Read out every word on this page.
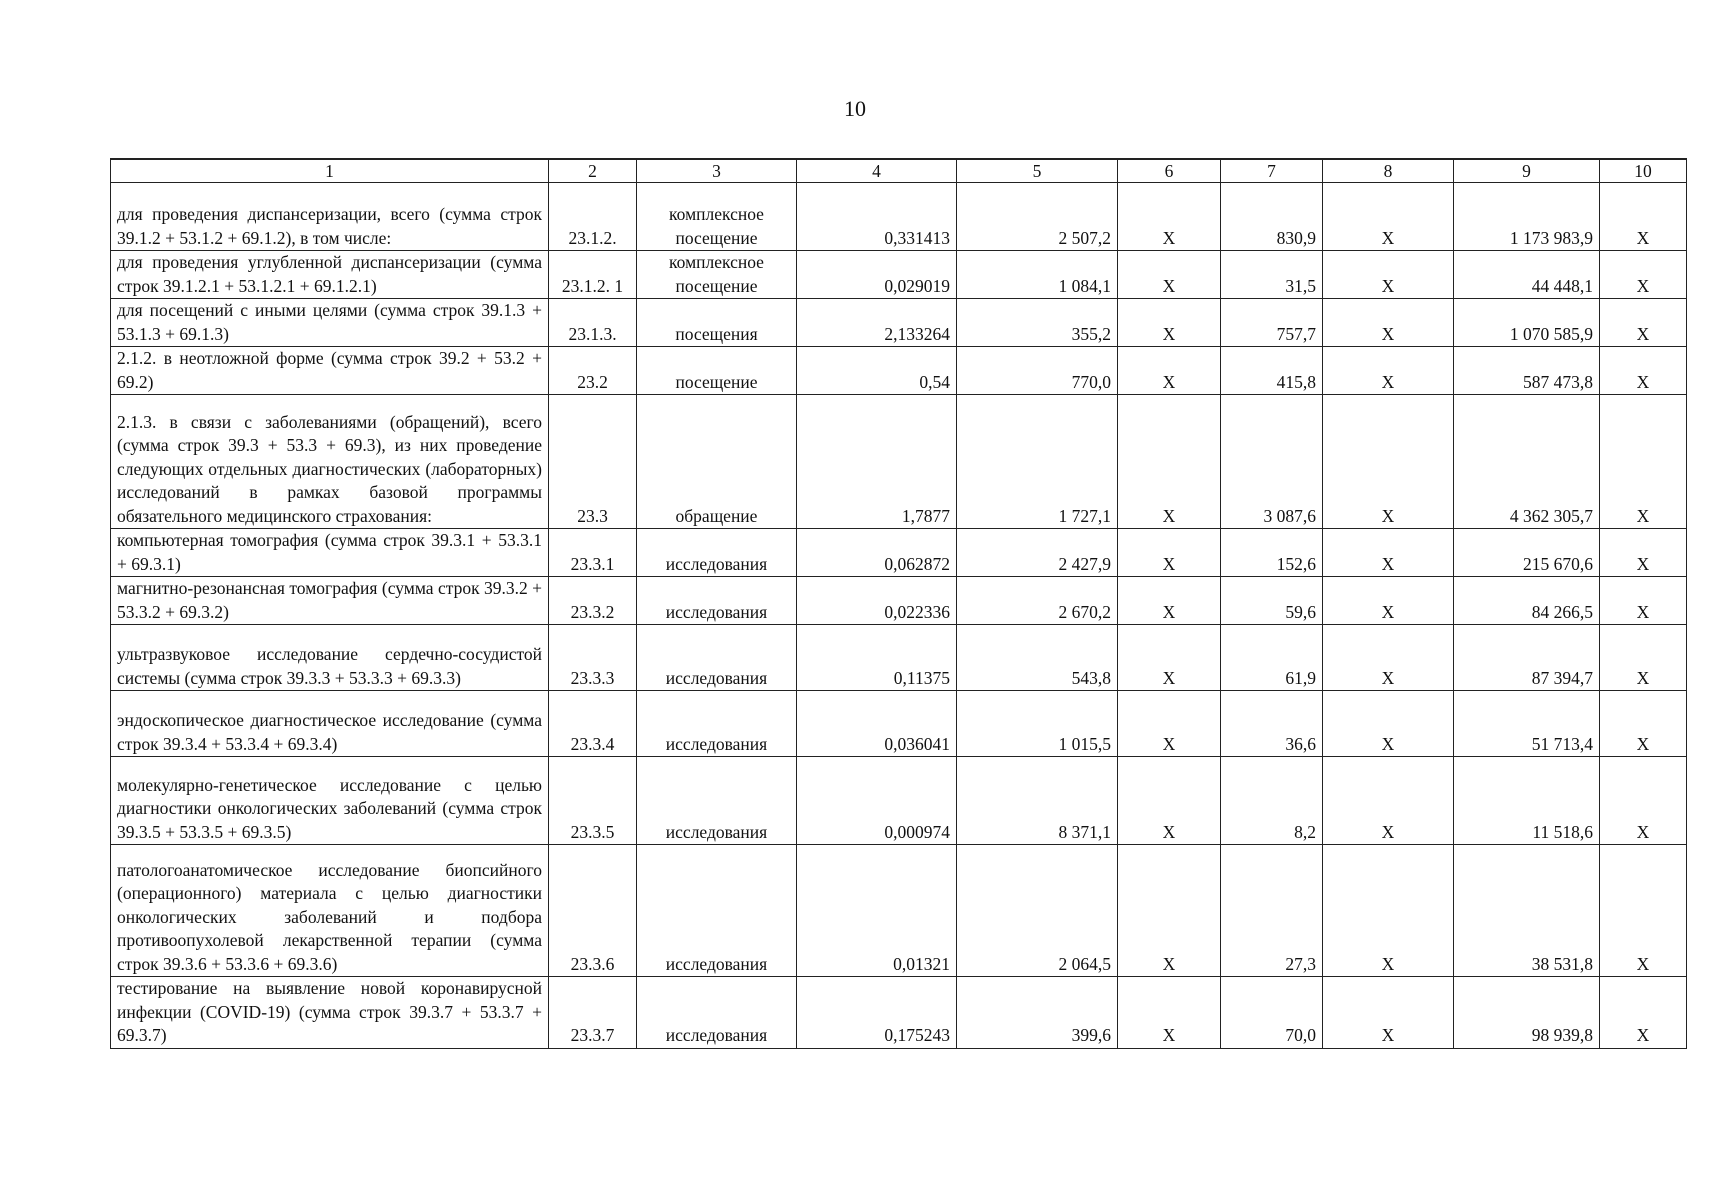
10
1	2	3	4	5	6	7	8	9	10
для проведения диспансеризации, всего (сумма строк 39.1.2 + 53.1.2 + 69.1.2), в том числе:	23.1.2.	комплексное посещение	0,331413	2 507,2	X	830,9	X	1 173 983,9	X
для проведения углубленной диспансеризации (сумма строк 39.1.2.1 + 53.1.2.1 + 69.1.2.1)	23.1.2. 1	комплексное посещение	0,029019	1 084,1	X	31,5	X	44 448,1	X
для посещений с иными целями (сумма строк 39.1.3 + 53.1.3 + 69.1.3)	23.1.3.	посещения	2,133264	355,2	X	757,7	X	1 070 585,9	X
2.1.2. в неотложной форме (сумма строк 39.2 + 53.2 + 69.2)	23.2	посещение	0,54	770,0	X	415,8	X	587 473,8	X
2.1.3. в связи с заболеваниями (обращений), всего (сумма строк 39.3 + 53.3 + 69.3), из них проведение следующих отдельных диагностических (лабораторных) исследований в рамках базовой программы обязательного медицинского страхования:	23.3	обращение	1,7877	1 727,1	X	3 087,6	X	4 362 305,7	X
компьютерная томография (сумма строк 39.3.1 + 53.3.1 + 69.3.1)	23.3.1	исследования	0,062872	2 427,9	X	152,6	X	215 670,6	X
магнитно-резонансная томография (сумма строк 39.3.2 + 53.3.2 + 69.3.2)	23.3.2	исследования	0,022336	2 670,2	X	59,6	X	84 266,5	X
ультразвуковое исследование сердечно-сосудистой системы (сумма строк 39.3.3 + 53.3.3 + 69.3.3)	23.3.3	исследования	0,11375	543,8	X	61,9	X	87 394,7	X
эндоскопическое диагностическое исследование (сумма строк 39.3.4 + 53.3.4 + 69.3.4)	23.3.4	исследования	0,036041	1 015,5	X	36,6	X	51 713,4	X
молекулярно-генетическое исследование с целью диагностики онкологических заболеваний (сумма строк 39.3.5 + 53.3.5 + 69.3.5)	23.3.5	исследования	0,000974	8 371,1	X	8,2	X	11 518,6	X
патологоанатомическое исследование биопсийного (операционного) материала с целью диагностики онкологических заболеваний и подбора противоопухолевой лекарственной терапии (сумма строк 39.3.6 + 53.3.6 + 69.3.6)	23.3.6	исследования	0,01321	2 064,5	X	27,3	X	38 531,8	X
тестирование на выявление новой коронавирусной инфекции (COVID-19) (сумма строк 39.3.7 + 53.3.7 + 69.3.7)	23.3.7	исследования	0,175243	399,6	X	70,0	X	98 939,8	X
